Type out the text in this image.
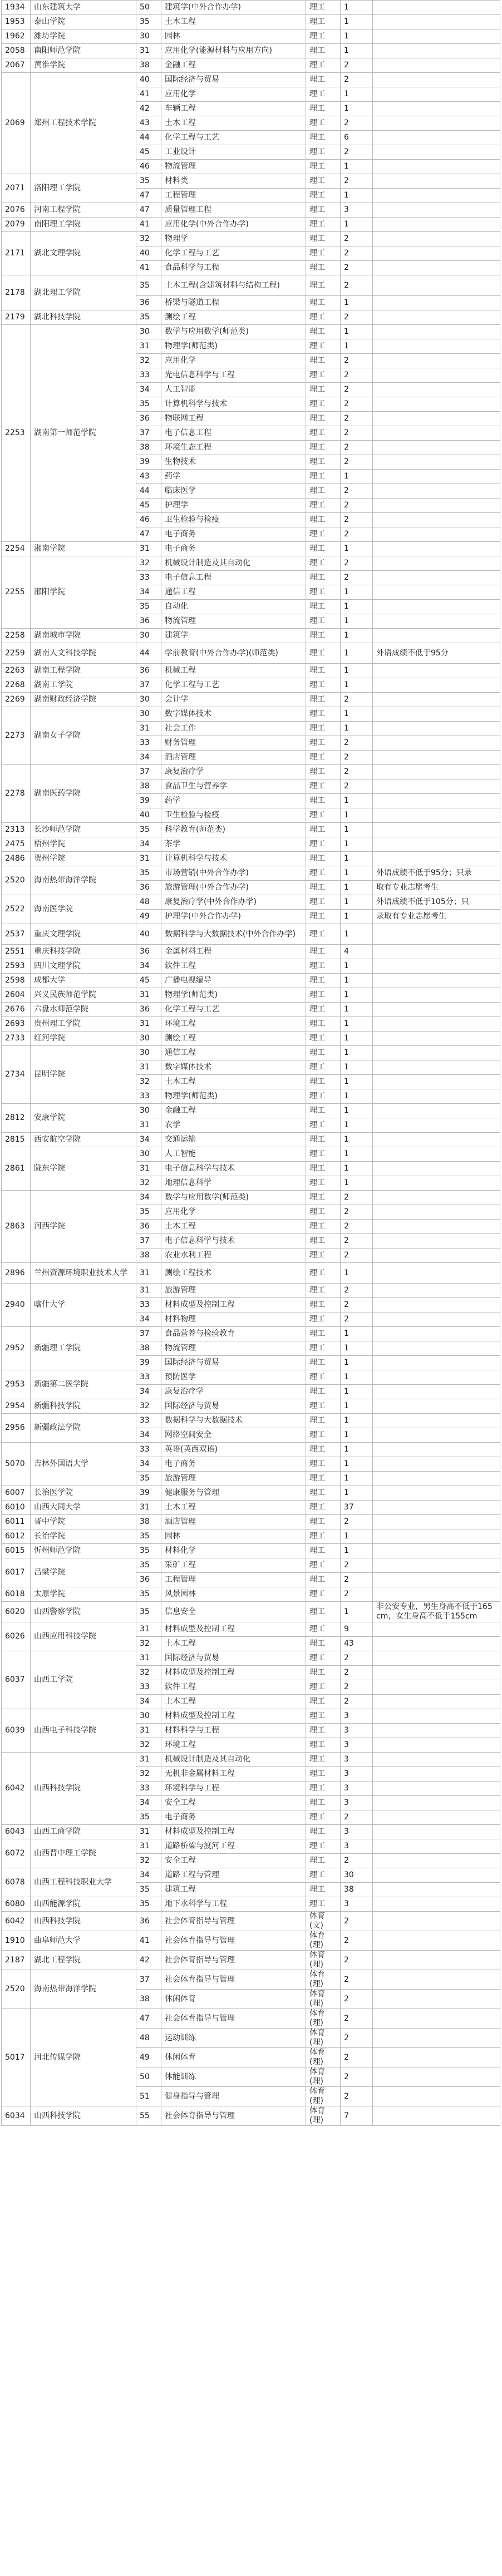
1934	山东建筑大学	50	建筑学(中外合作办学)	理工	1	
1953	泰山学院	35	土木工程	理工	1	
1962	潍坊学院	30	园林	理工	1	
2058	南阳师范学院	31	应用化学(能源材料与应用方向)	理工	1	
2067	黄淮学院	38	金融工程	理工	2	
2069	郑州工程技术学院	40	国际经济与贸易	理工	2	
		41	应用化学	理工	1	
		42	车辆工程	理工	1	
		43	土木工程	理工	2	
		44	化学工程与工艺	理工	6	
		45	工业设计	理工	2	
		46	物流管理	理工	1	
2071	洛阳理工学院	35	材料类	理工	2	
		47	工程管理	理工	1	
2076	河南工程学院	47	质量管理工程	理工	3	
2079	南阳理工学院	41	应用化学(中外合作办学)	理工	1	
2171	湖北文理学院	32	物理学	理工	2	
		40	化学工程与工艺	理工	2	
		41	食品科学与工程	理工	2	
2178	湖北理工学院	35	土木工程(含建筑材料与结构工程)	理工	2	
		36	桥梁与隧道工程	理工	1	
2179	湖北科技学院	35	测绘工程	理工	2	
2253	湖南第一师范学院	30	数学与应用数学(师范类)	理工	1	
		31	物理学(师范类)	理工	1	
		32	应用化学	理工	2	
		33	光电信息科学与工程	理工	2	
		34	人工智能	理工	2	
		35	计算机科学与技术	理工	2	
		36	物联网工程	理工	2	
		37	电子信息工程	理工	2	
		38	环境生态工程	理工	2	
		39	生物技术	理工	2	
		43	药学	理工	1	
		44	临床医学	理工	2	
		45	护理学	理工	2	
		46	卫生检验与检疫	理工	2	
		47	电子商务	理工	2	
2254	湘南学院	31	电子商务	理工	1	
2255	邵阳学院	32	机械设计制造及其自动化	理工	2	
		33	电子信息工程	理工	2	
		34	通信工程	理工	1	
		35	自动化	理工	1	
		36	物流管理	理工	1	
2258	湖南城市学院	30	建筑学	理工	1	
2259	湖南人文科技学院	44	学前教育(中外合作办学)(师范类)	理工	1	外语成绩不低于95分
2263	湖南工程学院	36	机械工程	理工	1	
2268	湖南工学院	37	化学工程与工艺	理工	1	
2269	湖南财政经济学院	30	会计学	理工	2	
2273	湖南女子学院	30	数字媒体技术	理工	1	
		31	社会工作	理工	1	
		33	财务管理	理工	2	
		34	酒店管理	理工	2	
2278	湖南医药学院	37	康复治疗学	理工	2	
		38	食品卫生与营养学	理工	2	
		39	药学	理工	1	
		40	卫生检验与检疫	理工	1	
2313	长沙师范学院	35	科学教育(师范类)	理工	1	
2475	梧州学院	34	茶学	理工	1	
2486	贺州学院	31	计算机科学与技术	理工	1	
2520	海南热带海洋学院	35	市场营销(中外合作办学)	理工	1	外语成绩不低于95分；只录
		36	旅游管理(中外合作办学)	理工	1	取有专业志愿考生
2522	海南医学院	48	康复治疗学(中外合作办学)	理工	1	外语成绩不低于105分；只
		49	护理学(中外合作办学)	理工	1	录取有专业志愿考生
2537	重庆文理学院	40	数据科学与大数据技术(中外合作办学)	理工	1	
2551	重庆科技学院	36	金属材料工程	理工	4	
2593	四川文理学院	34	软件工程	理工	1	
2598	成都大学	45	广播电视编导	理工	1	
2604	兴义民族师范学院	31	物理学(师范类)	理工	1	
2676	六盘水师范学院	36	化学工程与工艺	理工	1	
2693	贵州理工学院	31	环境工程	理工	1	
2733	红河学院	30	测绘工程	理工	1	
2734	昆明学院	30	通信工程	理工	1	
		31	数字媒体技术	理工	1	
		32	土木工程	理工	1	
		33	物理学(师范类)	理工	1	
2812	安康学院	30	金融工程	理工	1	
		31	农学	理工	1	
2815	西安航空学院	34	交通运输	理工	1	
2861	陇东学院	30	人工智能	理工	1	
		31	电子信息科学与技术	理工	1	
		32	地理信息科学	理工	1	
2863	河西学院	34	数学与应用数学(师范类)	理工	2	
		35	应用化学	理工	2	
		36	土木工程	理工	2	
		37	电子信息科学与技术	理工	2	
		38	农业水利工程	理工	2	
2896	兰州资源环境职业技术大学	31	测绘工程技术	理工	1	
2940	喀什大学	31	旅游管理	理工	2	
		33	材料成型及控制工程	理工	2	
		34	材料物理	理工	2	
2952	新疆理工学院	37	食品营养与检验教育	理工	1	
		38	物流管理	理工	1	
		39	国际经济与贸易	理工	1	
2953	新疆第二医学院	33	预防医学	理工	1	
		34	康复治疗学	理工	1	
2954	新疆科技学院	32	国际经济与贸易	理工	1	
2956	新疆政法学院	33	数据科学与大数据技术	理工	1	
		34	网络空间安全	理工	1	
5070	吉林外国语大学	33	英语(英西双语)	理工	1	
		34	电子商务	理工	1	
		35	旅游管理	理工	1	
6007	长治医学院	39	健康服务与管理	理工	1	
6010	山西大同大学	31	土木工程	理工	37	
6011	晋中学院	38	酒店管理	理工	2	
6012	长治学院	35	园林	理工	1	
6015	忻州师范学院	35	材料化学	理工	1	
6017	吕梁学院	35	采矿工程	理工	2	
		36	工程管理	理工	2	
6018	太原学院	35	风景园林	理工	2	
6020	山西警察学院	35	信息安全	理工	1	非公安专业，男生身高不低于165cm，女生身高不低于155cm
6026	山西应用科技学院	31	材料成型及控制工程	理工	9	
		32	土木工程	理工	43	
6037	山西工学院	31	国际经济与贸易	理工	2	
		32	材料成型及控制工程	理工	2	
		33	软件工程	理工	2	
		34	土木工程	理工	2	
6039	山西电子科技学院	30	材料成型及控制工程	理工	3	
		31	材料科学与工程	理工	3	
		32	环境工程	理工	3	
6042	山西科技学院	31	机械设计制造及其自动化	理工	3	
		32	无机非金属材料工程	理工	3	
		33	环境科学与工程	理工	3	
		34	安全工程	理工	3	
		35	电子商务	理工	2	
6043	山西工商学院	31	材料成型及控制工程	理工	3	
6072	山西晋中理工学院	31	道路桥梁与渡河工程	理工	3	
		32	安全工程	理工	2	
6078	山西工程科技职业大学	34	道路工程与管理	理工	30	
		35	建筑工程	理工	38	
6080	山西能源学院	35	地下水科学与工程	理工	3	
6042	山西科技学院	36	社会体育指导与管理	体育(文)	2	
1910	曲阜师范大学	41	社会体育指导与管理	体育(理)	2	
2187	湖北工程学院	42	社会体育指导与管理	体育(理)	2	
2520	海南热带海洋学院	37	社会体育指导与管理	体育(理)	2	
		38	休闲体育	体育(理)	2	
5017	河北传媒学院	47	社会体育指导与管理	体育(理)	2	
		48	运动训练	体育(理)	2	
		49	休闲体育	体育(理)	2	
		50	体能训练	体育(理)	2	
		51	健身指导与管理	体育(理)	2	
6034	山西科技学院	55	社会体育指导与管理	体育(理)	7	
